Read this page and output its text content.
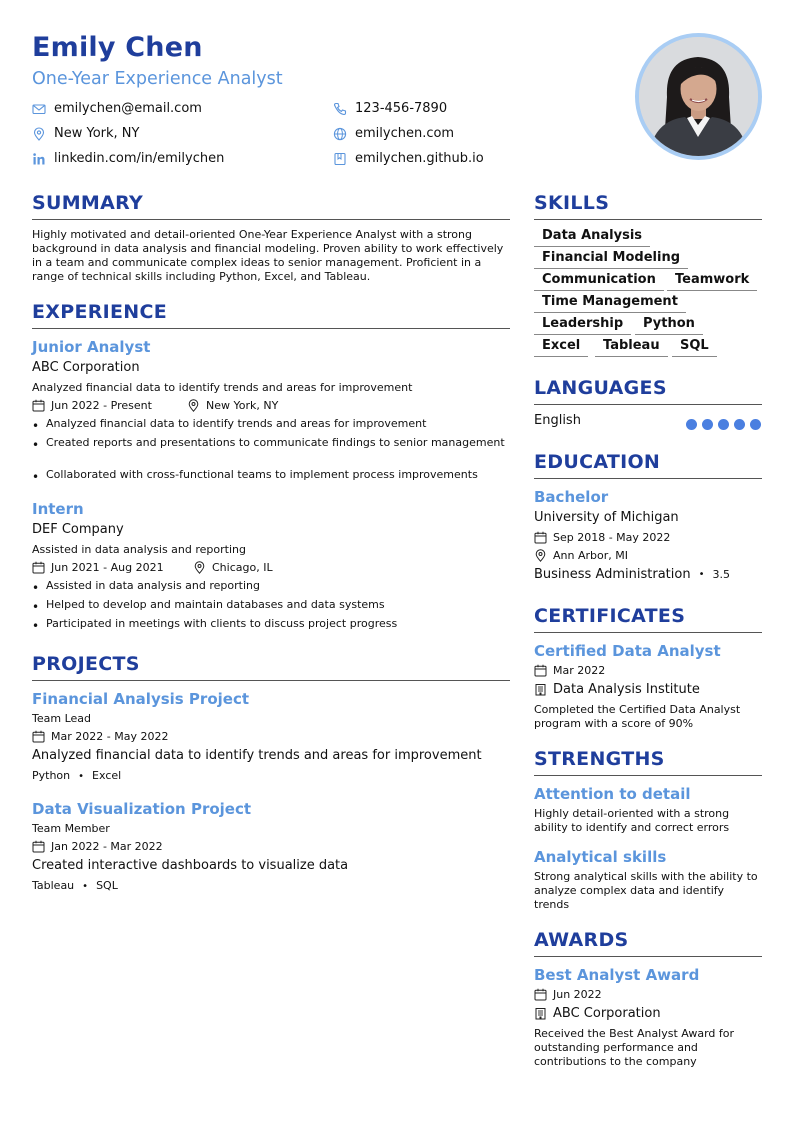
Emily Chen
One-Year Experience Analyst
emilychen@email.com	123-456-7890
New York, NY	emilychen.com
linkedin.com/in/emilychen	emilychen.github.io
SUMMARY
Highly motivated and detail-oriented One-Year Experience Analyst with a strong background in data analysis and financial modeling. Proven ability to work effectively in a team and communicate complex ideas to senior management. Proficient in a range of technical skills including Python, Excel, and Tableau.
EXPERIENCE
Junior Analyst
ABC Corporation
Analyzed financial data to identify trends and areas for improvement
Jun 2022 - Present	New York, NY
• Analyzed financial data to identify trends and areas for improvement
• Created reports and presentations to communicate findings to senior management
• Collaborated with cross-functional teams to implement process improvements
Intern
DEF Company
Assisted in data analysis and reporting
Jun 2021 - Aug 2021	Chicago, IL
• Assisted in data analysis and reporting
• Helped to develop and maintain databases and data systems
• Participated in meetings with clients to discuss project progress
PROJECTS
Financial Analysis Project
Team Lead
Mar 2022 - May 2022
Analyzed financial data to identify trends and areas for improvement
Python • Excel
Data Visualization Project
Team Member
Jan 2022 - Mar 2022
Created interactive dashboards to visualize data
Tableau • SQL
SKILLS
Data Analysis
Financial Modeling
Communication	Teamwork
Time Management
Leadership	Python
Excel	Tableau	SQL
LANGUAGES
English
EDUCATION
Bachelor
University of Michigan
Sep 2018 - May 2022
Ann Arbor, MI
Business Administration • 3.5
CERTIFICATES
Certified Data Analyst
Mar 2022
Data Analysis Institute
Completed the Certified Data Analyst program with a score of 90%
STRENGTHS
Attention to detail
Highly detail-oriented with a strong ability to identify and correct errors
Analytical skills
Strong analytical skills with the ability to analyze complex data and identify trends
AWARDS
Best Analyst Award
Jun 2022
ABC Corporation
Received the Best Analyst Award for outstanding performance and contributions to the company
